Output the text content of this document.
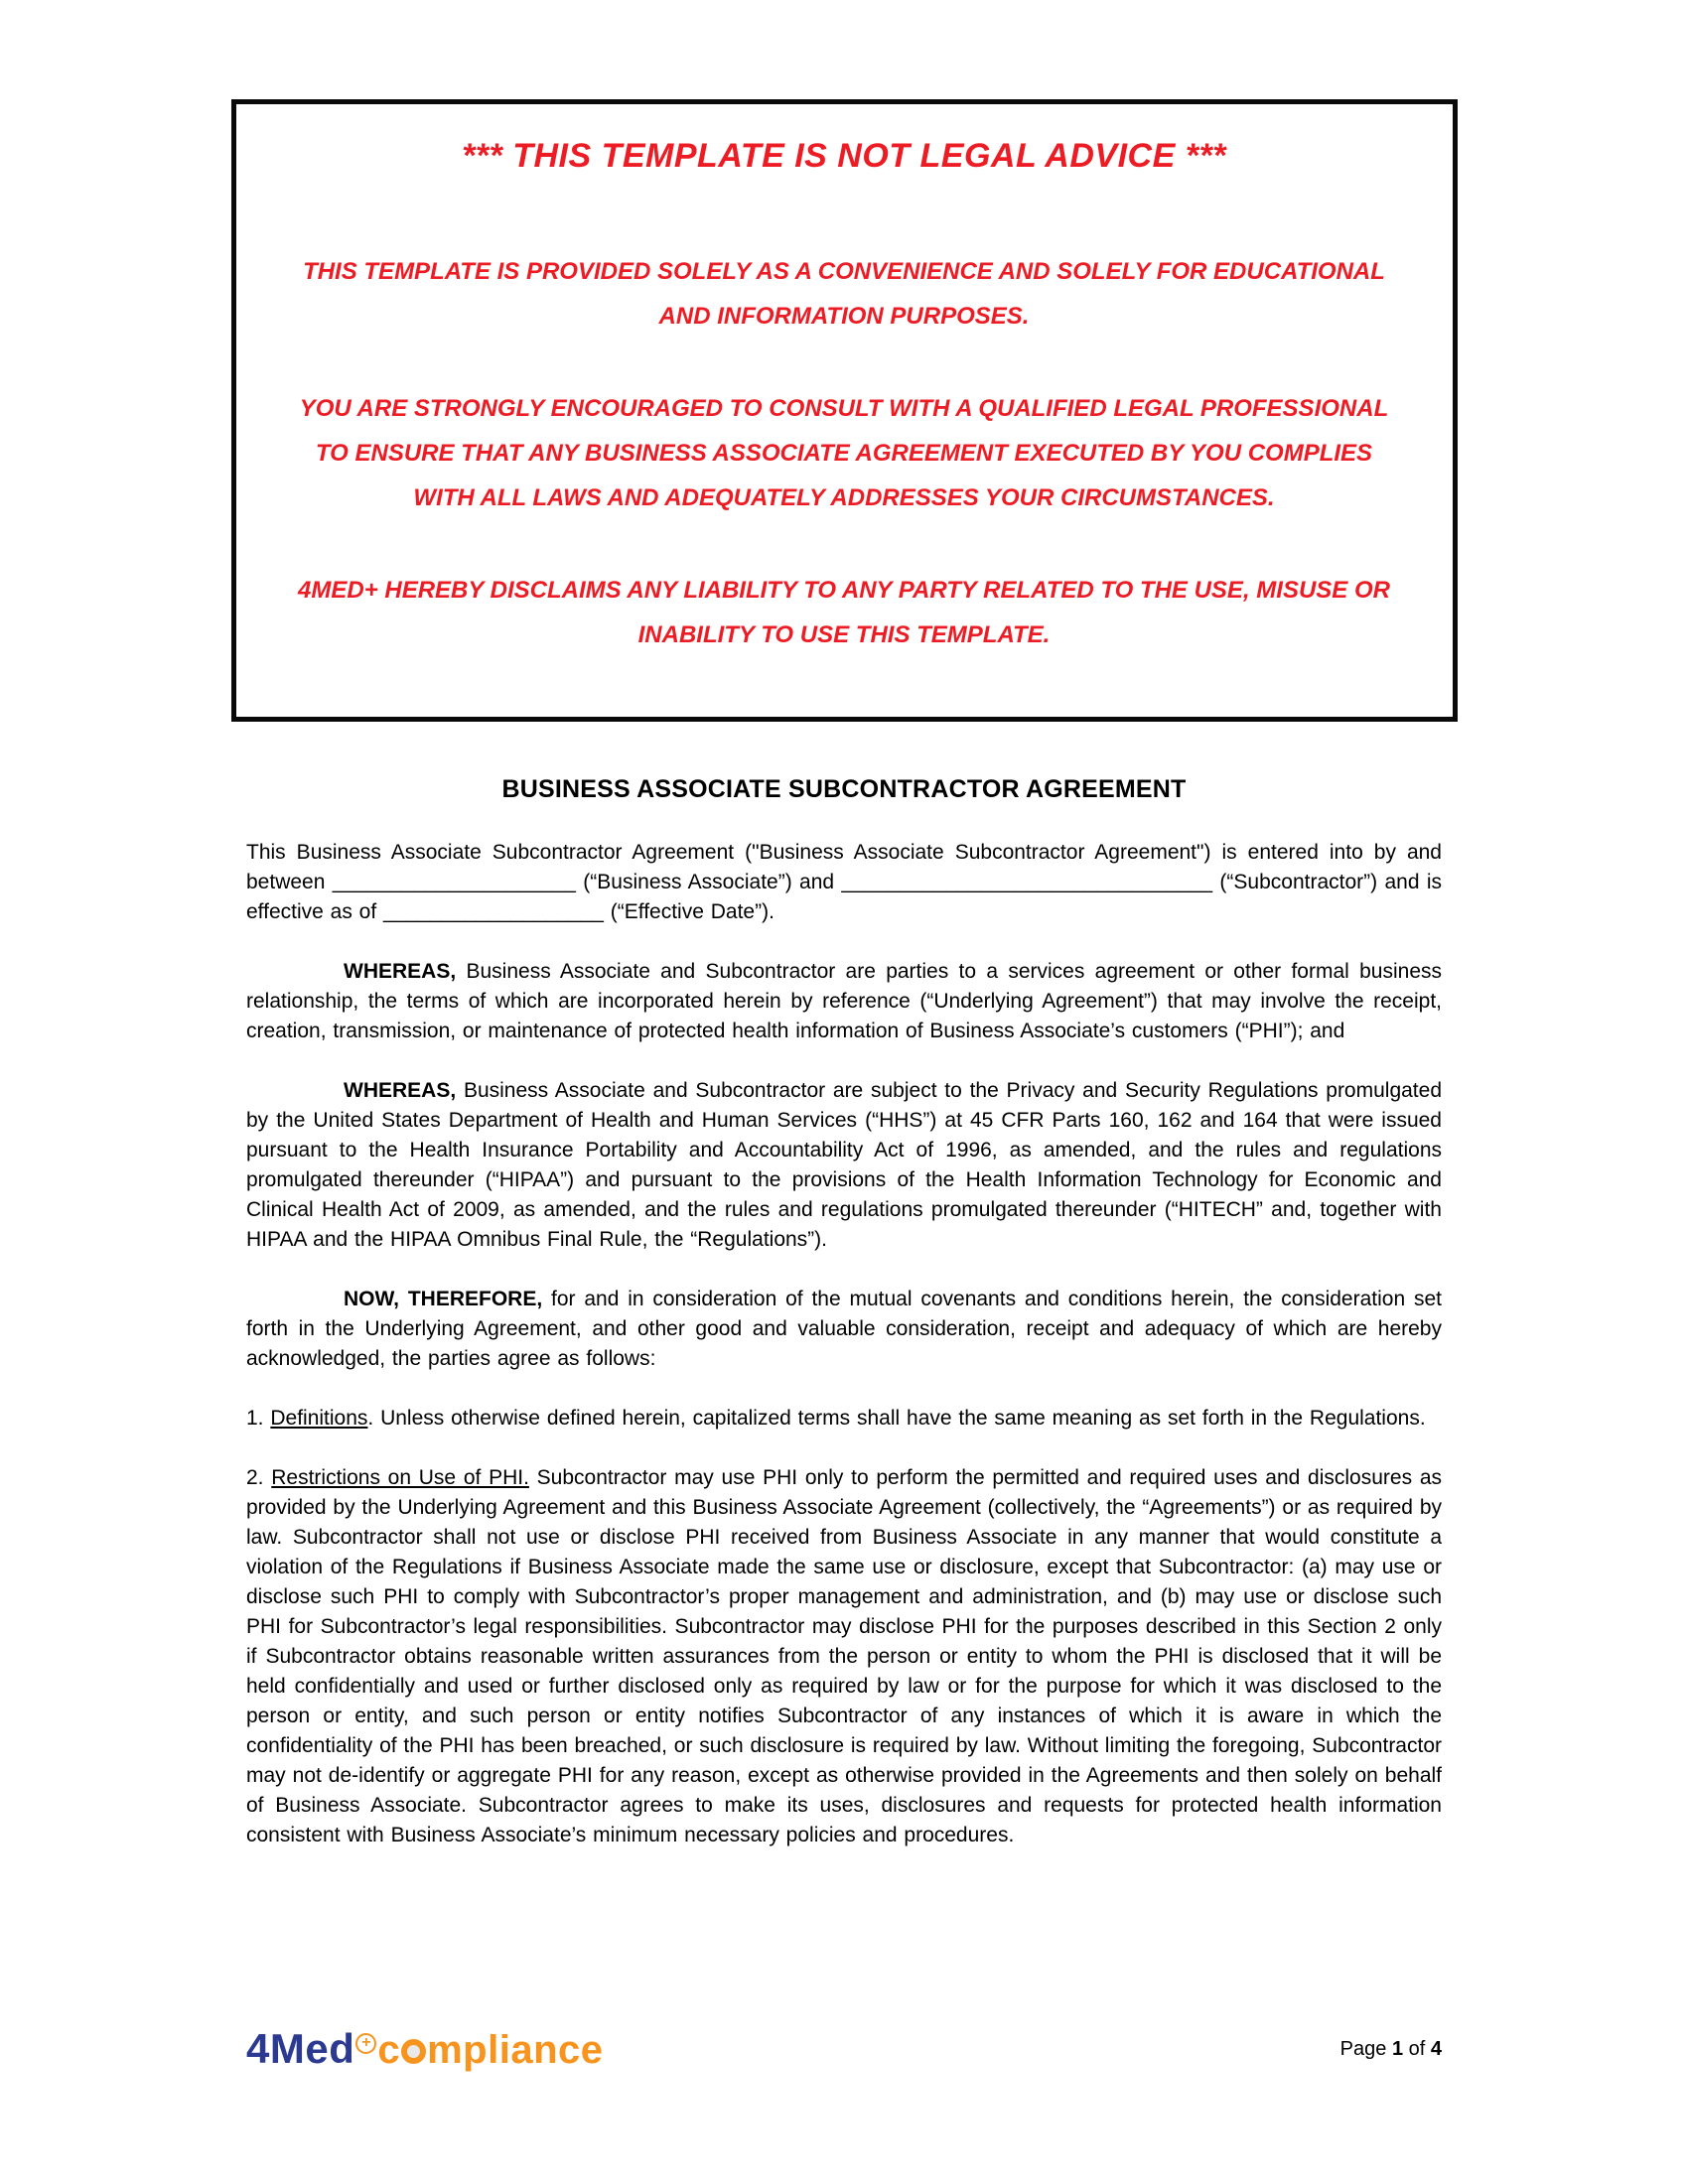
*** THIS TEMPLATE IS NOT LEGAL ADVICE ***

THIS TEMPLATE IS PROVIDED SOLELY AS A CONVENIENCE AND SOLELY FOR EDUCATIONAL AND INFORMATION PURPOSES.

YOU ARE STRONGLY ENCOURAGED TO CONSULT WITH A QUALIFIED LEGAL PROFESSIONAL TO ENSURE THAT ANY BUSINESS ASSOCIATE AGREEMENT EXECUTED BY YOU COMPLIES WITH ALL LAWS AND ADEQUATELY ADDRESSES YOUR CIRCUMSTANCES.

4MED+ HEREBY DISCLAIMS ANY LIABILITY TO ANY PARTY RELATED TO THE USE, MISUSE OR INABILITY TO USE THIS TEMPLATE.

BUSINESS ASSOCIATE SUBCONTRACTOR AGREEMENT

This Business Associate Subcontractor Agreement ("Business Associate Subcontractor Agreement") is entered into by and between _____________________ (“Business Associate”) and ________________________________ (“Subcontractor”) and is effective as of ___________________ (“Effective Date”).

WHEREAS, Business Associate and Subcontractor are parties to a services agreement or other formal business relationship, the terms of which are incorporated herein by reference (“Underlying Agreement”) that may involve the receipt, creation, transmission, or maintenance of protected health information of Business Associate’s customers (“PHI”); and

WHEREAS, Business Associate and Subcontractor are subject to the Privacy and Security Regulations promulgated by the United States Department of Health and Human Services (“HHS”) at 45 CFR Parts 160, 162 and 164 that were issued pursuant to the Health Insurance Portability and Accountability Act of 1996, as amended, and the rules and regulations promulgated thereunder (“HIPAA”) and pursuant to the provisions of the Health Information Technology for Economic and Clinical Health Act of 2009, as amended, and the rules and regulations promulgated thereunder (“HITECH” and, together with HIPAA and the HIPAA Omnibus Final Rule, the “Regulations”).

NOW, THEREFORE, for and in consideration of the mutual covenants and conditions herein, the consideration set forth in the Underlying Agreement, and other good and valuable consideration, receipt and adequacy of which are hereby acknowledged, the parties agree as follows:

1. Definitions. Unless otherwise defined herein, capitalized terms shall have the same meaning as set forth in the Regulations.

2. Restrictions on Use of PHI. Subcontractor may use PHI only to perform the permitted and required uses and disclosures as provided by the Underlying Agreement and this Business Associate Agreement (collectively, the “Agreements”) or as required by law. Subcontractor shall not use or disclose PHI received from Business Associate in any manner that would constitute a violation of the Regulations if Business Associate made the same use or disclosure, except that Subcontractor: (a) may use or disclose such PHI to comply with Subcontractor’s proper management and administration, and (b) may use or disclose such PHI for Subcontractor’s legal responsibilities. Subcontractor may disclose PHI for the purposes described in this Section 2 only if Subcontractor obtains reasonable written assurances from the person or entity to whom the PHI is disclosed that it will be held confidentially and used or further disclosed only as required by law or for the purpose for which it was disclosed to the person or entity, and such person or entity notifies Subcontractor of any instances of which it is aware in which the confidentiality of the PHI has been breached, or such disclosure is required by law. Without limiting the foregoing, Subcontractor may not de-identify or aggregate PHI for any reason, except as otherwise provided in the Agreements and then solely on behalf of Business Associate. Subcontractor agrees to make its uses, disclosures and requests for protected health information consistent with Business Associate’s minimum necessary policies and procedures.

4Med + c mpliance	Page 1 of 4
